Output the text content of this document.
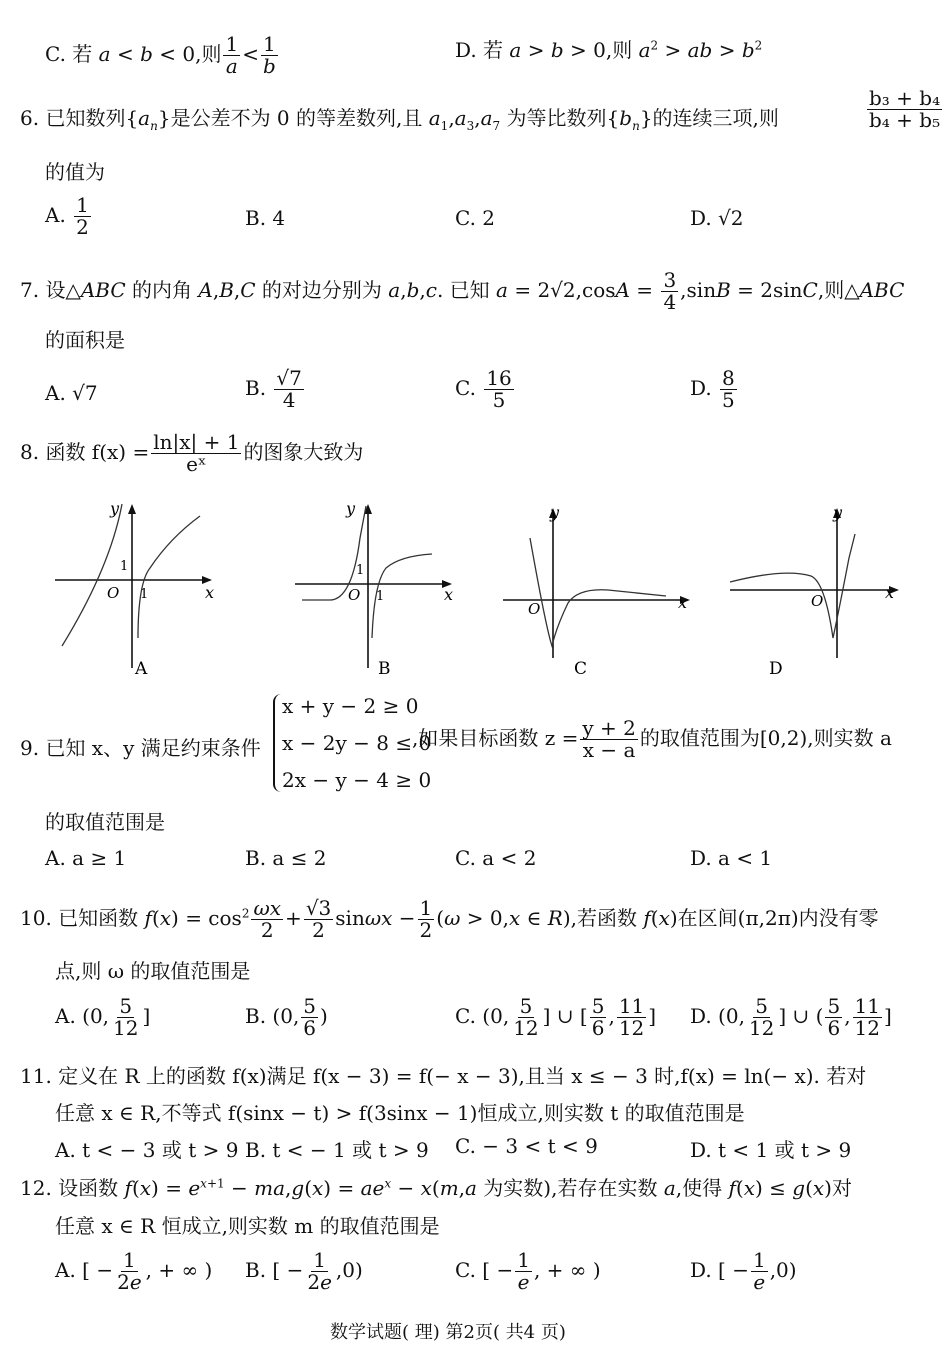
C. 若 a < b < 0,则 $\frac{1}{a} < \frac{1}{b}$	D. 若 a > b > 0,则 $a^2$ > ab > $b^2$
6. 已知数列$\{a_n\}$是公差不为 0 的等差数列,且 $a_1,a_3,a_7$ 为等比数列$\{b_n\}$的连续三项,则	$\frac{\text{b₃ + b₄}}{\text{b₄ + b₅}}$
的值为
A. $\frac{1}{2}$	B. 4	C. 2	D. √2
7. 设△ABC 的内角 A,B,C 的对边分别为 a,b,c. 已知 $a = 2√2,\cos A = \frac{3}{4} ,\sin B = 2\sin C$,则△ABC
的面积是
A. √7	B. $\frac{√7}{4}$	C. $\frac{16}{5}$	D. $\frac{8}{5}$
8. 函数 $f(x) = \frac{\ln|x| + 1}{\text{eˣ}}$ 的图象大致为
y
x
O 1
1
A
y
x
O 1
1
B
y
x
O
C
y
x
O
D
9. 已知 x、y 满足约束条件
x + y − 2 ≥ 0
x − 2y − 8 ≤ 0
2x − y − 4 ≥ 0
,如果目标函数 $z = \frac{y + 2}{x - a}$ 的取值范围为[0,2),则实数 a
的取值范围是
A. a ≥ 1	B. a ≤ 2	C. a < 2	D. a < 1
10. 已知函数 $f(x) = \cos^2 \frac{\omega x}{2} + \frac{√3}{2}$ $\sin\omega x - \frac{1}{2} (\omega > 0,x$ ∈ R),若函数 f(x)在区间(π,2π)内没有零
点,则 ω 的取值范围是
A. (0, $\frac{5}{12}$ ]	B. (0, $\frac{5}{6}$ )	C. (0, $\frac{5}{12}$ ] ∪ [ $\frac{5}{6}$ , $\frac{11}{12}$ ] D. (0, $\frac{5}{12}$ ] ∪ ( $\frac{5}{6}$ , $\frac{11}{12}$ ]
11. 定义在 R 上的函数 f(x)满足 f(x − 3) = f(− x − 3),且当 x ≤ − 3 时,f(x) = ln(− x). 若对
任意 x ∈ R,不等式 f(sinx − t) > f(3sinx − 1)恒成立,则实数 t 的取值范围是
A. t < − 3 或 t > 9 B. t < − 1 或 t > 9 C. − 3 < t < 9	D. t < 1 或 t > 9
12. 设函数 $f(x) = e^{x+1} - ma,g(x) = ae^x - x(m,a$ 为实数),若存在实数 a,使得 f(x) ≤ g(x)对
任意 x ∈ R 恒成立,则实数 m 的取值范围是
A. [ − $\frac{1}{2e}$ , + ∞ ) B. [ − $\frac{1}{2e} ,0$)	C. [ − $\frac{1}{e}$ , + ∞ )	D. [ − $\frac{1}{e} ,0$)
数学试题( 理) 第2页( 共4 页)
